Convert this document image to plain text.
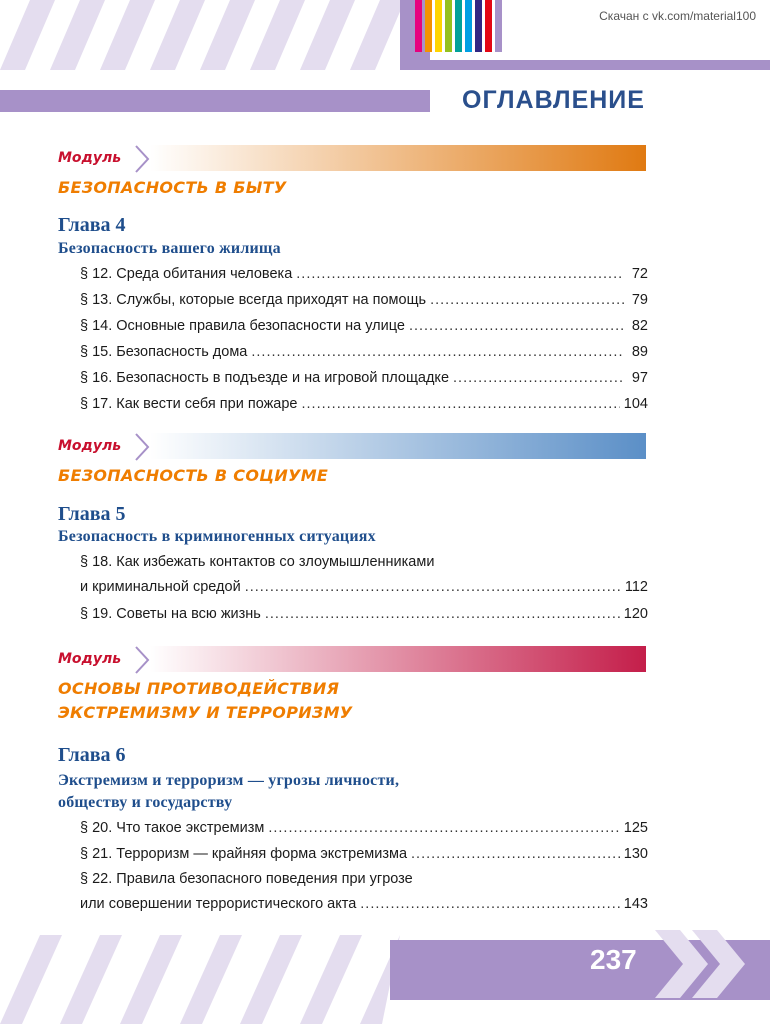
Скачан с vk.com/material100
ОГЛАВЛЕНИЕ
Модуль
БЕЗОПАСНОСТЬ В БЫТУ
Глава 4
Безопасность вашего жилища
§ 12. Среда обитания человека .....	72
§ 13. Службы, которые всегда приходят на помощь .....	79
§ 14. Основные правила безопасности на улице .....	82
§ 15. Безопасность дома .....	89
§ 16. Безопасность в подъезде и на игровой площадке .....	97
§ 17. Как вести себя при пожаре .....	104
Модуль
БЕЗОПАСНОСТЬ В СОЦИУМЕ
Глава 5
Безопасность в криминогенных ситуациях
§ 18. Как избежать контактов со злоумышленниками
и криминальной средой .....	112
§ 19. Советы на всю жизнь .....	120
Модуль
ОСНОВЫ ПРОТИВОДЕЙСТВИЯ
ЭКСТРЕМИЗМУ И ТЕРРОРИЗМУ
Глава 6
Экстремизм и терроризм — угрозы личности,
обществу и государству
§ 20. Что такое экстремизм .....	125
§ 21. Терроризм — крайняя форма экстремизма .....	130
§ 22. Правила безопасного поведения при угрозе
или совершении террористического акта .....	143
237
